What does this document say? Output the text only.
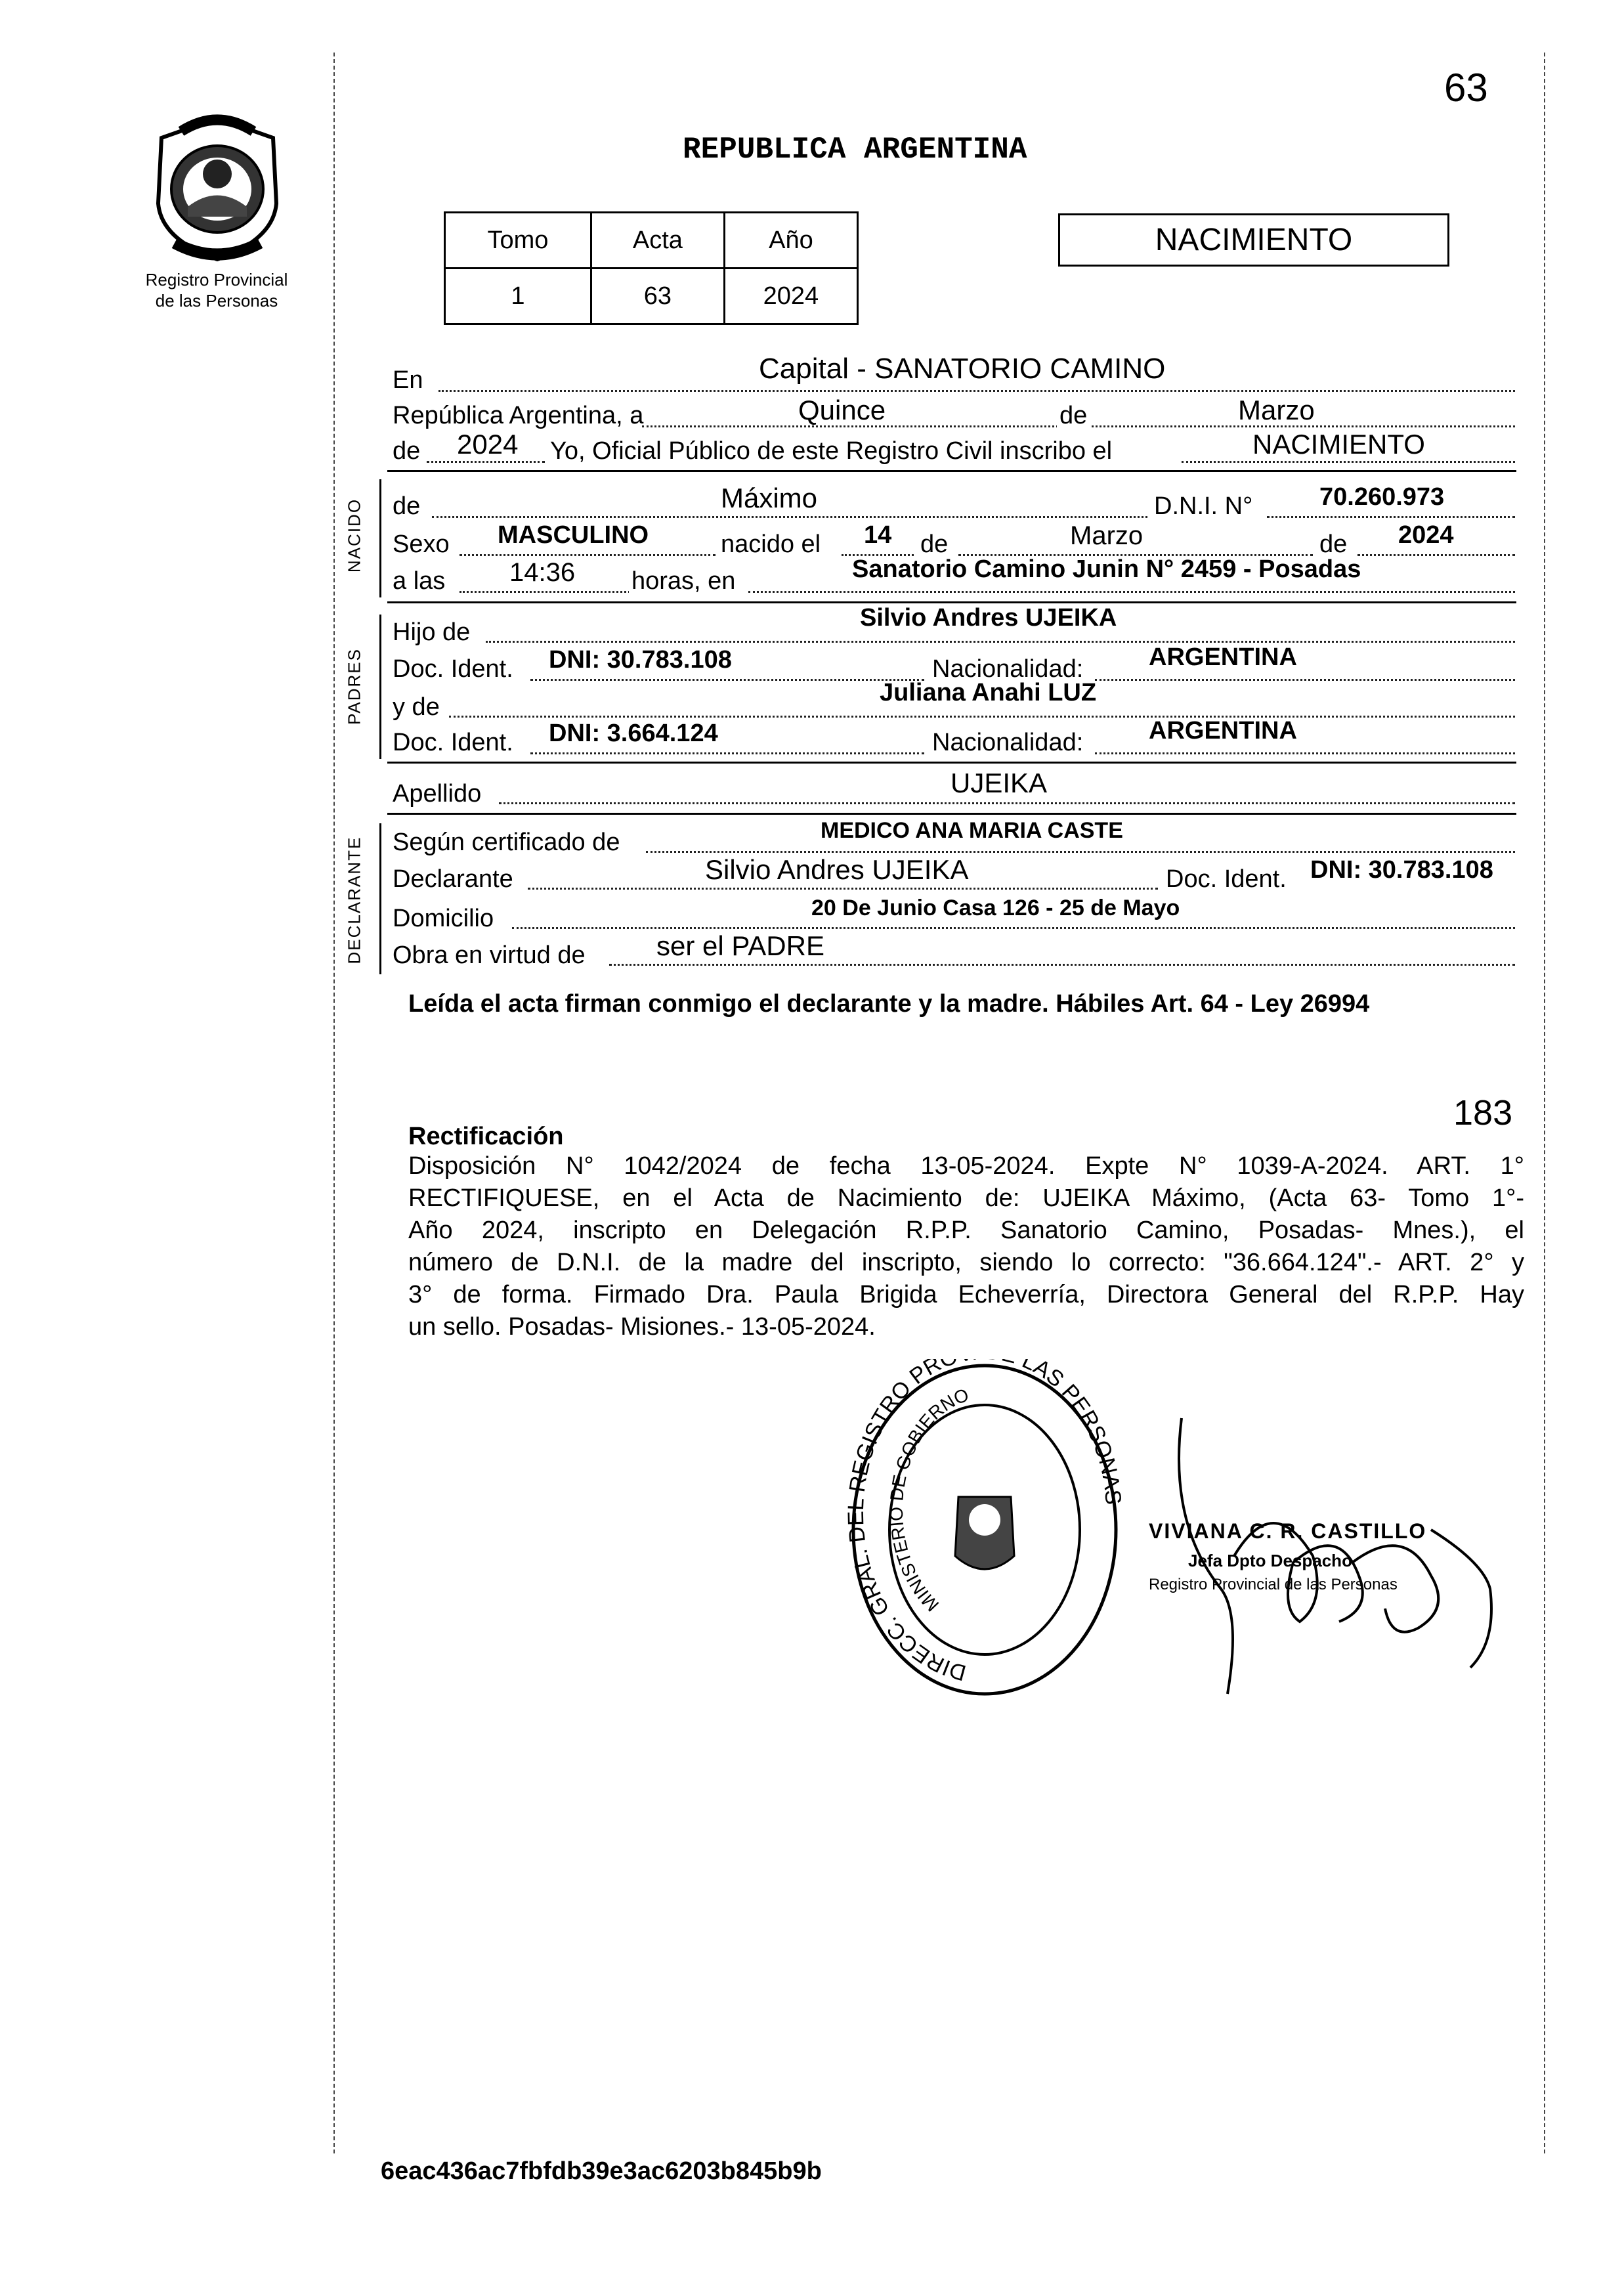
63
Registro Provincial
de las Personas
REPUBLICA ARGENTINA
Tomo	Acta	Año
1	63	2024
NACIMIENTO
En	Capital - SANATORIO CAMINO
República Argentina, a	Quince	de	Marzo
de 2024 Yo, Oficial Público de este Registro Civil inscribo el	NACIMIENTO
NACIDO de	Máximo	D.N.I. N°	70.260.973
Sexo MASCULINO	nacido el 14 de	Marzo	de 2024
a las 14:36 horas, en	Sanatorio Camino Junin N° 2459 - Posadas
PADRES
Hijo de
Silvio Andres UJEIKA
Doc. Ident. DNI: 30.783.108	Nacionalidad:	ARGENTINA
y de
Juliana Anahi LUZ
Doc. Ident. DNI: 3.664.124	Nacionalidad:	ARGENTINA
Apellido	UJEIKA
DECLARANTE Según certificado de	MEDICO ANA MARIA CASTE
Declarante	Silvio Andres UJEIKA	Doc. Ident. DNI: 30.783.108
Domicilio	20 De Junio Casa 126 - 25 de Mayo
Obra en virtud de	ser el PADRE
Leída el acta firman conmigo el declarante y la madre. Hábiles Art. 64 - Ley 26994
183
Rectificación
Disposición N° 1042/2024 de fecha 13-05-2024. Expte N° 1039-A-2024. ART. 1°
RECTIFIQUESE, en el Acta de Nacimiento de: UJEIKA Máximo, (Acta 63- Tomo 1°-
Año 2024, inscripto en Delegación R.P.P. Sanatorio Camino, Posadas- Mnes.), el
número de D.N.I. de la madre del inscripto, siendo lo correcto: "36.664.124".- ART. 2° y
3° de forma. Firmado Dra. Paula Brigida Echeverría, Directora General del R.P.P. Hay
un sello. Posadas- Misiones.- 13-05-2024.
DIRECC. GRAL. REGISTRO PR LAS PERSONA
MINISTERIO DE GOBIERNO
VIVIANA C. R. CASTILLO
Jefa Dpto Despacho
Registro Provincial de las Personas
6eac436ac7fbfdb39e3ac6203b845b9b
